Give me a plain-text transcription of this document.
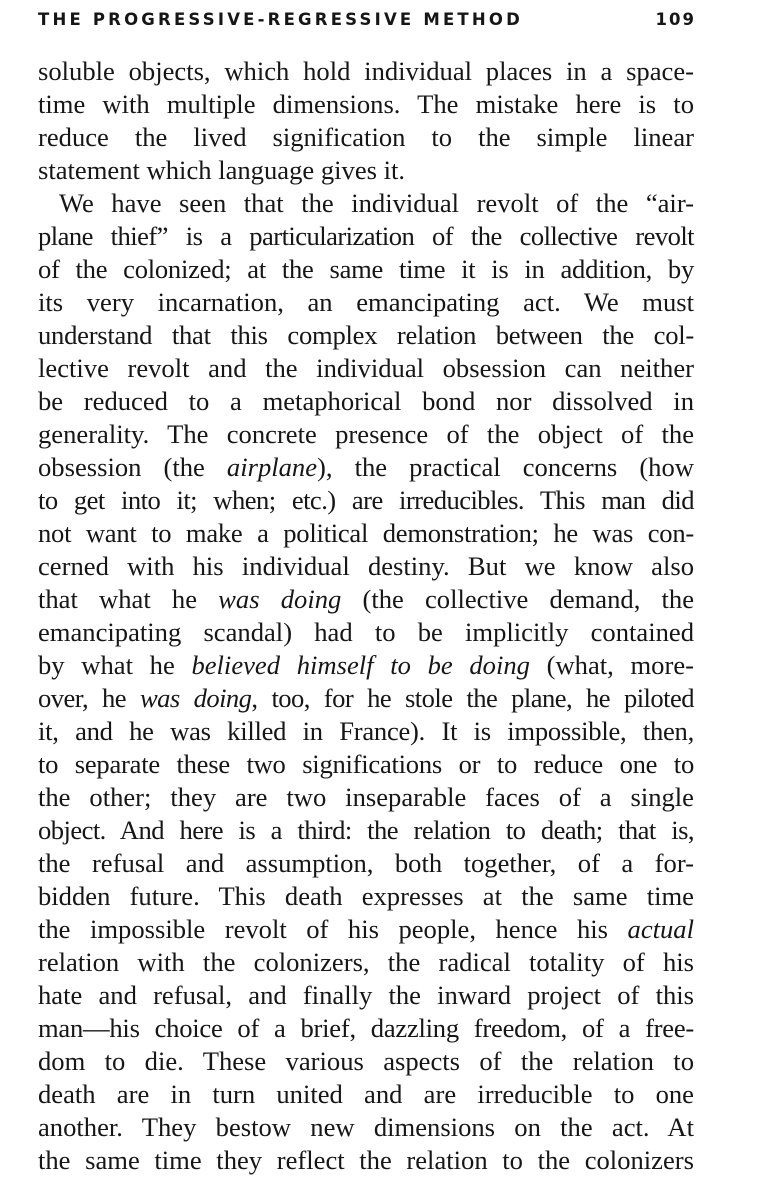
THE PROGRESSIVE-REGRESSIVE METHOD	109
soluble objects, which hold individual places in a space-
time with multiple dimensions. The mistake here is to
reduce the lived signification to the simple linear
statement which language gives it.
We have seen that the individual revolt of the “air-
plane thief” is a particularization of the collective revolt
of the colonized; at the same time it is in addition, by
its very incarnation, an emancipating act. We must
understand that this complex relation between the col-
lective revolt and the individual obsession can neither
be reduced to a metaphorical bond nor dissolved in
generality. The concrete presence of the object of the
obsession (the airplane), the practical concerns (how
to get into it; when; etc.) are irreducibles. This man did
not want to make a political demonstration; he was con-
cerned with his individual destiny. But we know also
that what he was doing (the collective demand, the
emancipating scandal) had to be implicitly contained
by what he believed himself to be doing (what, more-
over, he was doing, too, for he stole the plane, he piloted
it, and he was killed in France). It is impossible, then,
to separate these two significations or to reduce one to
the other; they are two inseparable faces of a single
object. And here is a third: the relation to death; that is,
the refusal and assumption, both together, of a for-
bidden future. This death expresses at the same time
the impossible revolt of his people, hence his actual
relation with the colonizers, the radical totality of his
hate and refusal, and finally the inward project of this
man—his choice of a brief, dazzling freedom, of a free-
dom to die. These various aspects of the relation to
death are in turn united and are irreducible to one
another. They bestow new dimensions on the act. At
the same time they reflect the relation to the colonizers
